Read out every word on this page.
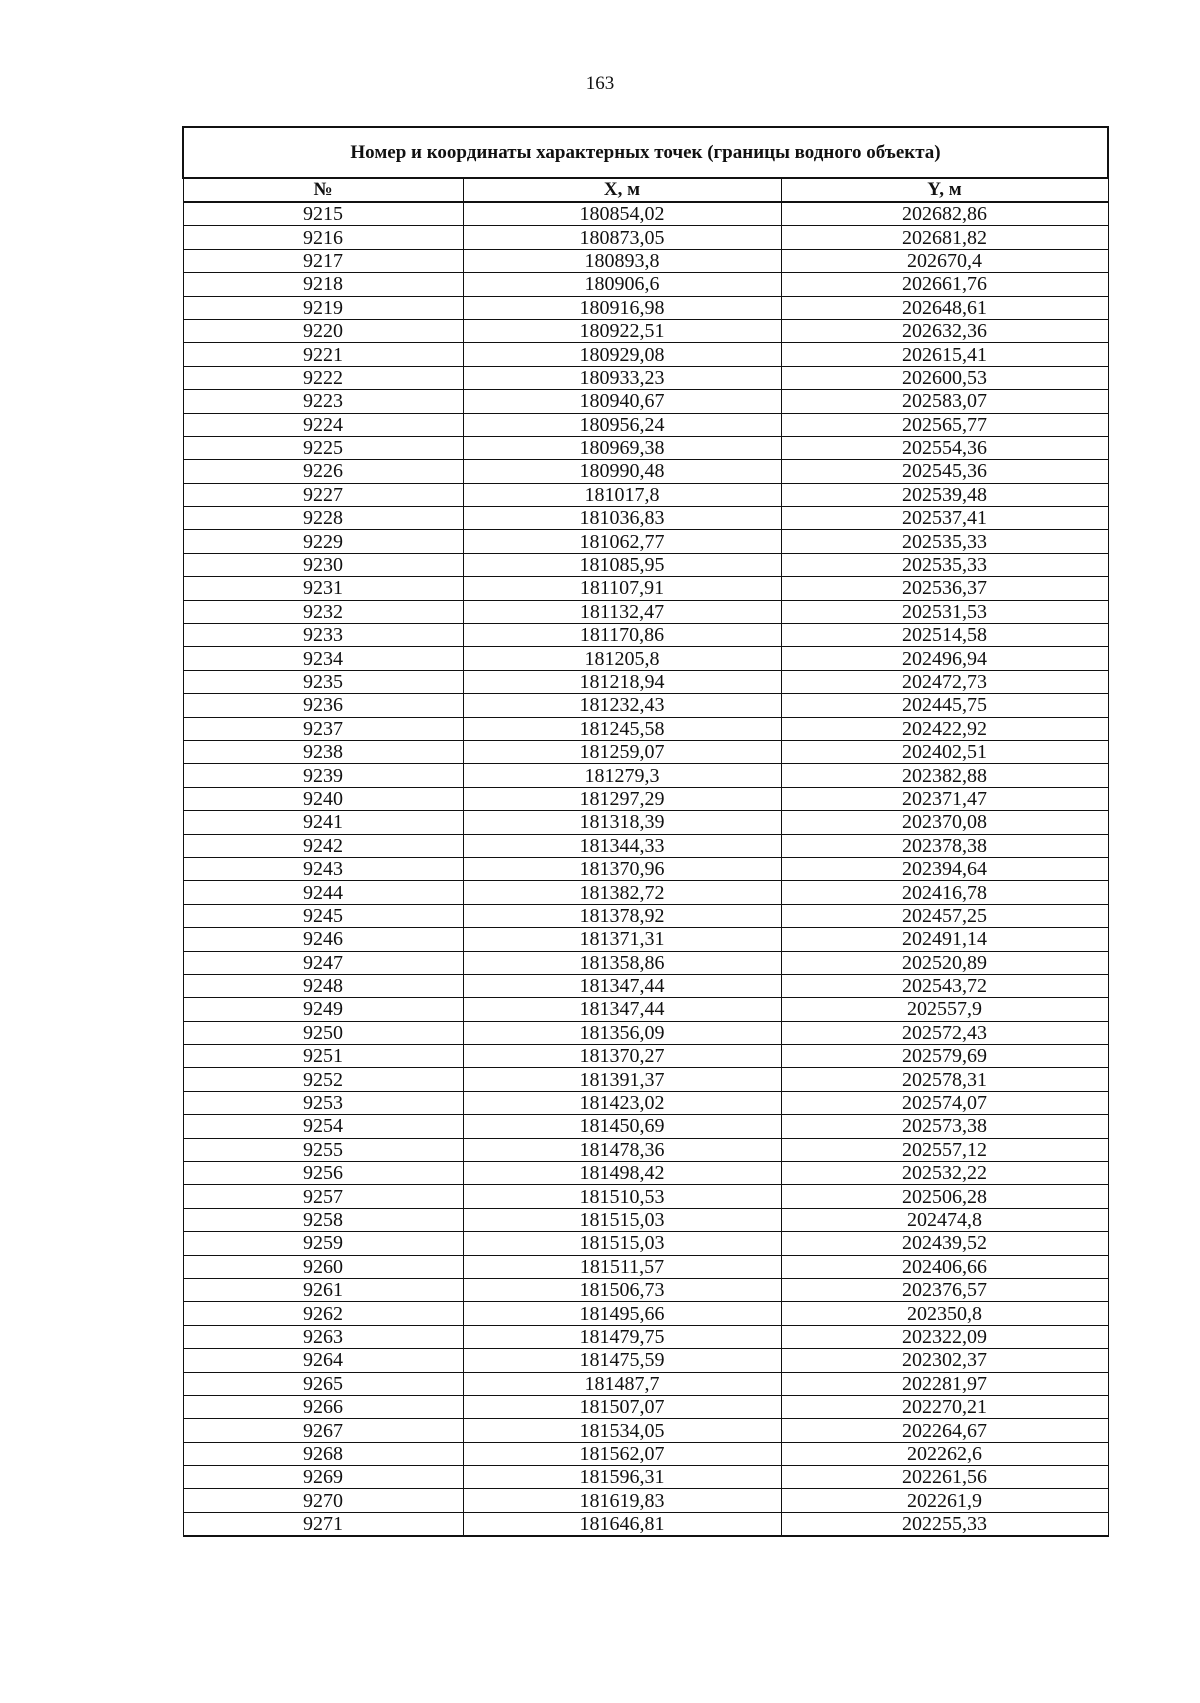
163
Номер и координаты характерных точек (границы водного объекта)		
№	X, м	Y, м
9215	180854,02	202682,86
9216	180873,05	202681,82
9217	180893,8	202670,4
9218	180906,6	202661,76
9219	180916,98	202648,61
9220	180922,51	202632,36
9221	180929,08	202615,41
9222	180933,23	202600,53
9223	180940,67	202583,07
9224	180956,24	202565,77
9225	180969,38	202554,36
9226	180990,48	202545,36
9227	181017,8	202539,48
9228	181036,83	202537,41
9229	181062,77	202535,33
9230	181085,95	202535,33
9231	181107,91	202536,37
9232	181132,47	202531,53
9233	181170,86	202514,58
9234	181205,8	202496,94
9235	181218,94	202472,73
9236	181232,43	202445,75
9237	181245,58	202422,92
9238	181259,07	202402,51
9239	181279,3	202382,88
9240	181297,29	202371,47
9241	181318,39	202370,08
9242	181344,33	202378,38
9243	181370,96	202394,64
9244	181382,72	202416,78
9245	181378,92	202457,25
9246	181371,31	202491,14
9247	181358,86	202520,89
9248	181347,44	202543,72
9249	181347,44	202557,9
9250	181356,09	202572,43
9251	181370,27	202579,69
9252	181391,37	202578,31
9253	181423,02	202574,07
9254	181450,69	202573,38
9255	181478,36	202557,12
9256	181498,42	202532,22
9257	181510,53	202506,28
9258	181515,03	202474,8
9259	181515,03	202439,52
9260	181511,57	202406,66
9261	181506,73	202376,57
9262	181495,66	202350,8
9263	181479,75	202322,09
9264	181475,59	202302,37
9265	181487,7	202281,97
9266	181507,07	202270,21
9267	181534,05	202264,67
9268	181562,07	202262,6
9269	181596,31	202261,56
9270	181619,83	202261,9
9271	181646,81	202255,33
